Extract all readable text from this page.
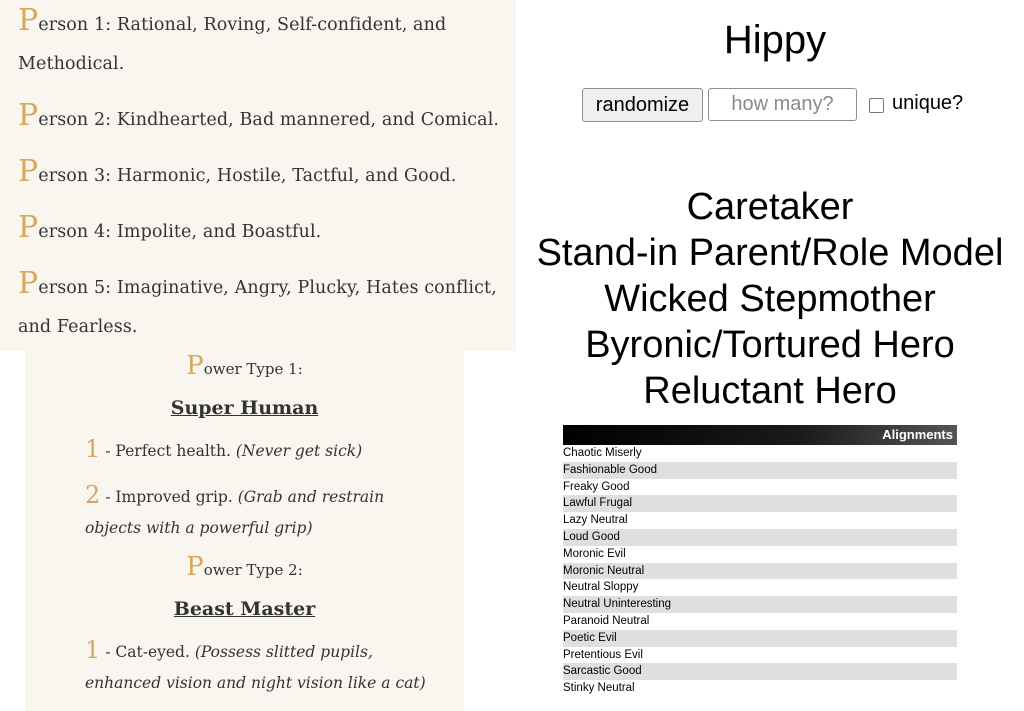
Person 1: Rational, Roving, Self-confident, and Methodical.
Person 2: Kindhearted, Bad mannered, and Comical.
Person 3: Harmonic, Hostile, Tactful, and Good.
Person 4: Impolite, and Boastful.
Person 5: Imaginative, Angry, Plucky, Hates conflict, and Fearless.
Power Type 1:
Super Human
1 - Perfect health. (Never get sick)
2 - Improved grip. (Grab and restrain objects with a powerful grip)
Power Type 2:
Beast Master
1 - Cat-eyed. (Possess slitted pupils, enhanced vision and night vision like a cat)
Hippy
randomize
how many?	unique?
Caretaker
Stand-in Parent/Role Model
Wicked Stepmother
Byronic/Tortured Hero
Reluctant Hero
Alignments
Chaotic Miserly
Fashionable Good
Freaky Good
Lawful Frugal
Lazy Neutral
Loud Good
Moronic Evil
Moronic Neutral
Neutral Sloppy
Neutral Uninteresting
Paranoid Neutral
Poetic Evil
Pretentious Evil
Sarcastic Good
Stinky Neutral
